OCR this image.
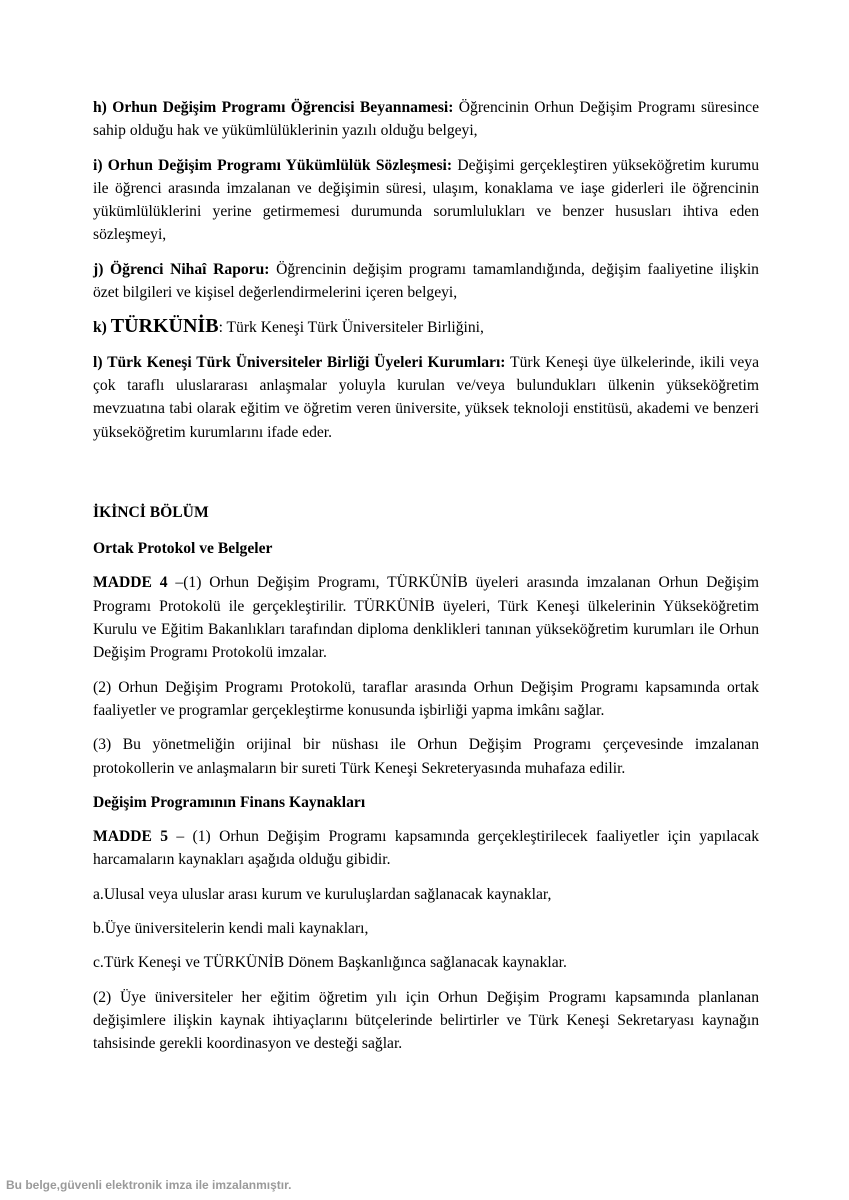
h) Orhun Değişim Programı Öğrencisi Beyannamesi: Öğrencinin Orhun Değişim Programı süresince sahip olduğu hak ve yükümlülüklerinin yazılı olduğu belgeyi,

i) Orhun Değişim Programı Yükümlülük Sözleşmesi: Değişimi gerçekleştiren yükseköğretim kurumu ile öğrenci arasında imzalanan ve değişimin süresi, ulaşım, konaklama ve iaşe giderleri ile öğrencinin yükümlülüklerini yerine getirmemesi durumunda sorumlulukları ve benzer hususları ihtiva eden sözleşmeyi,

j) Öğrenci Nihaî Raporu: Öğrencinin değişim programı tamamlandığında, değişim faaliyetine ilişkin özet bilgileri ve kişisel değerlendirmelerini içeren belgeyi,

k) TÜRKÜNİB: Türk Keneşi Türk Üniversiteler Birliğini,

l) Türk Keneşi Türk Üniversiteler Birliği Üyeleri Kurumları: Türk Keneşi üye ülkelerinde, ikili veya çok taraflı uluslararası anlaşmalar yoluyla kurulan ve/veya bulundukları ülkenin yükseköğretim mevzuatına tabi olarak eğitim ve öğretim veren üniversite, yüksek teknoloji enstitüsü, akademi ve benzeri yükseköğretim kurumlarını ifade eder.

İKİNCİ BÖLÜM

Ortak Protokol ve Belgeler

MADDE 4 –(1) Orhun Değişim Programı, TÜRKÜNİB üyeleri arasında imzalanan Orhun Değişim Programı Protokolü ile gerçekleştirilir. TÜRKÜNİB üyeleri, Türk Keneşi ülkelerinin Yükseköğretim Kurulu ve Eğitim Bakanlıkları tarafından diploma denklikleri tanınan yükseköğretim kurumları ile Orhun Değişim Programı Protokolü imzalar.

(2) Orhun Değişim Programı Protokolü, taraflar arasında Orhun Değişim Programı kapsamında ortak faaliyetler ve programlar gerçekleştirme konusunda işbirliği yapma imkânı sağlar.

(3) Bu yönetmeliğin orijinal bir nüshası ile Orhun Değişim Programı çerçevesinde imzalanan protokollerin ve anlaşmaların bir sureti Türk Keneşi Sekreteryasında muhafaza edilir.

Değişim Programının Finans Kaynakları

MADDE 5 – (1) Orhun Değişim Programı kapsamında gerçekleştirilecek faaliyetler için yapılacak harcamaların kaynakları aşağıda olduğu gibidir.

a.Ulusal veya uluslar arası kurum ve kuruluşlardan sağlanacak kaynaklar,

b.Üye üniversitelerin kendi mali kaynakları,

c.Türk Keneşi ve TÜRKÜNİB Dönem Başkanlığınca sağlanacak kaynaklar.

(2) Üye üniversiteler her eğitim öğretim yılı için Orhun Değişim Programı kapsamında planlanan değişimlere ilişkin kaynak ihtiyaçlarını bütçelerinde belirtirler ve Türk Keneşi Sekretaryası kaynağın tahsisinde gerekli koordinasyon ve desteği sağlar.

Bu belge,güvenli elektronik imza ile imzalanmıştır.
